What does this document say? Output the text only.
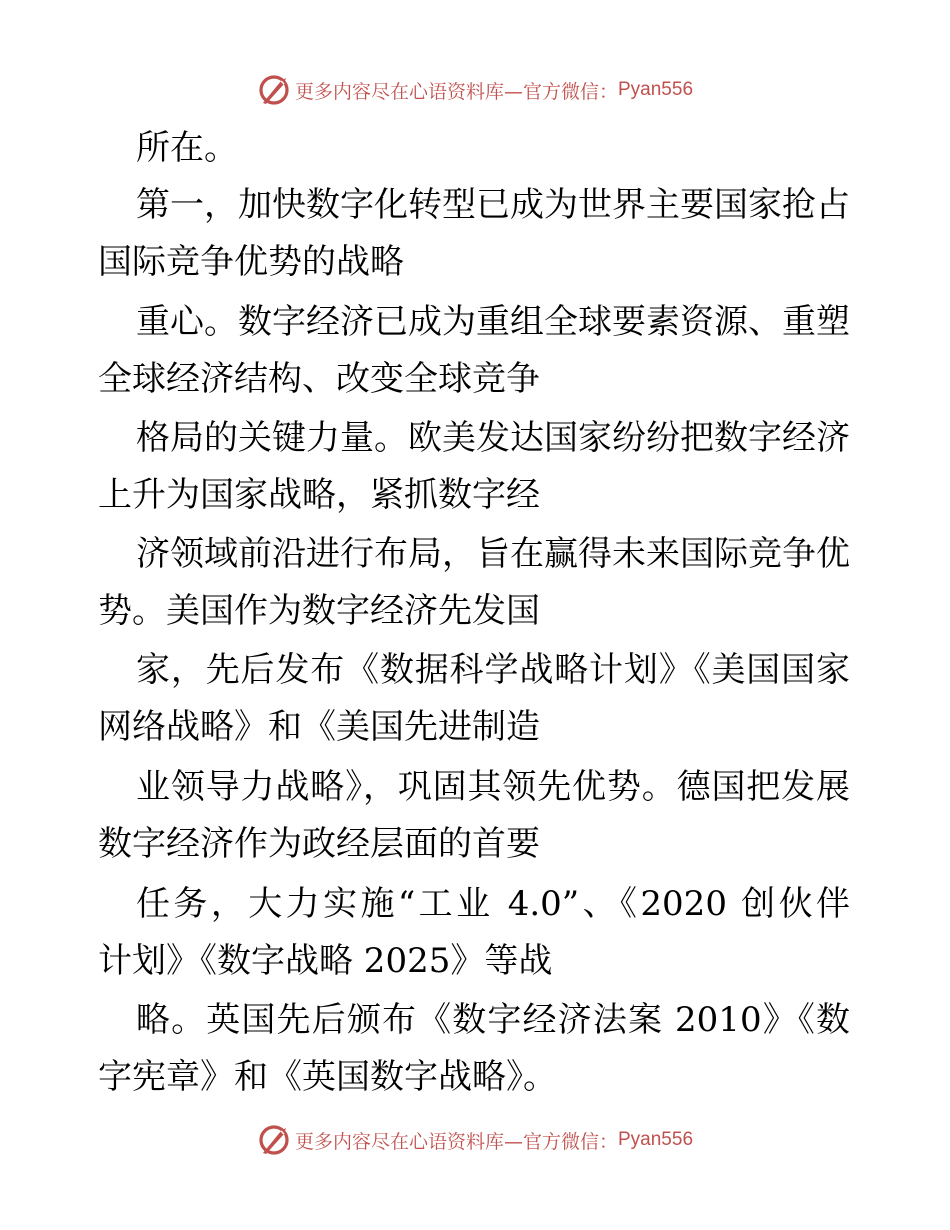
更多内容尽在心语资料库 —官方微信： Pyan556
所在。
第一，加快数字化转型已成为世界主要国家抢占
国际竞争优势的战略
重心。数字经济已成为重组全球要素资源、重塑
全球经济结构、改变全球竞争
格局的关键力量。欧美发达国家纷纷把数字经济
上升为国家战略，紧抓数字经
济领域前沿进行布局，旨在赢得未来国际竞争优
势。美国作为数字经济先发国
家，先后发布《数据科学战略计划》《美国国家
网络战略》和《美国先进制造
业领导力战略》，巩固其领先优势。德国把发展
数字经济作为政经层面的首要
任务，大力实施“工业 4.0”、《2020 创伙伴
计划》《数字战略 2025》等战
略。英国先后颁布《数字经济法案 2010》《数
字宪章》和《英国数字战略》。
更多内容尽在心语资料库 —官方微信： Pyan556
